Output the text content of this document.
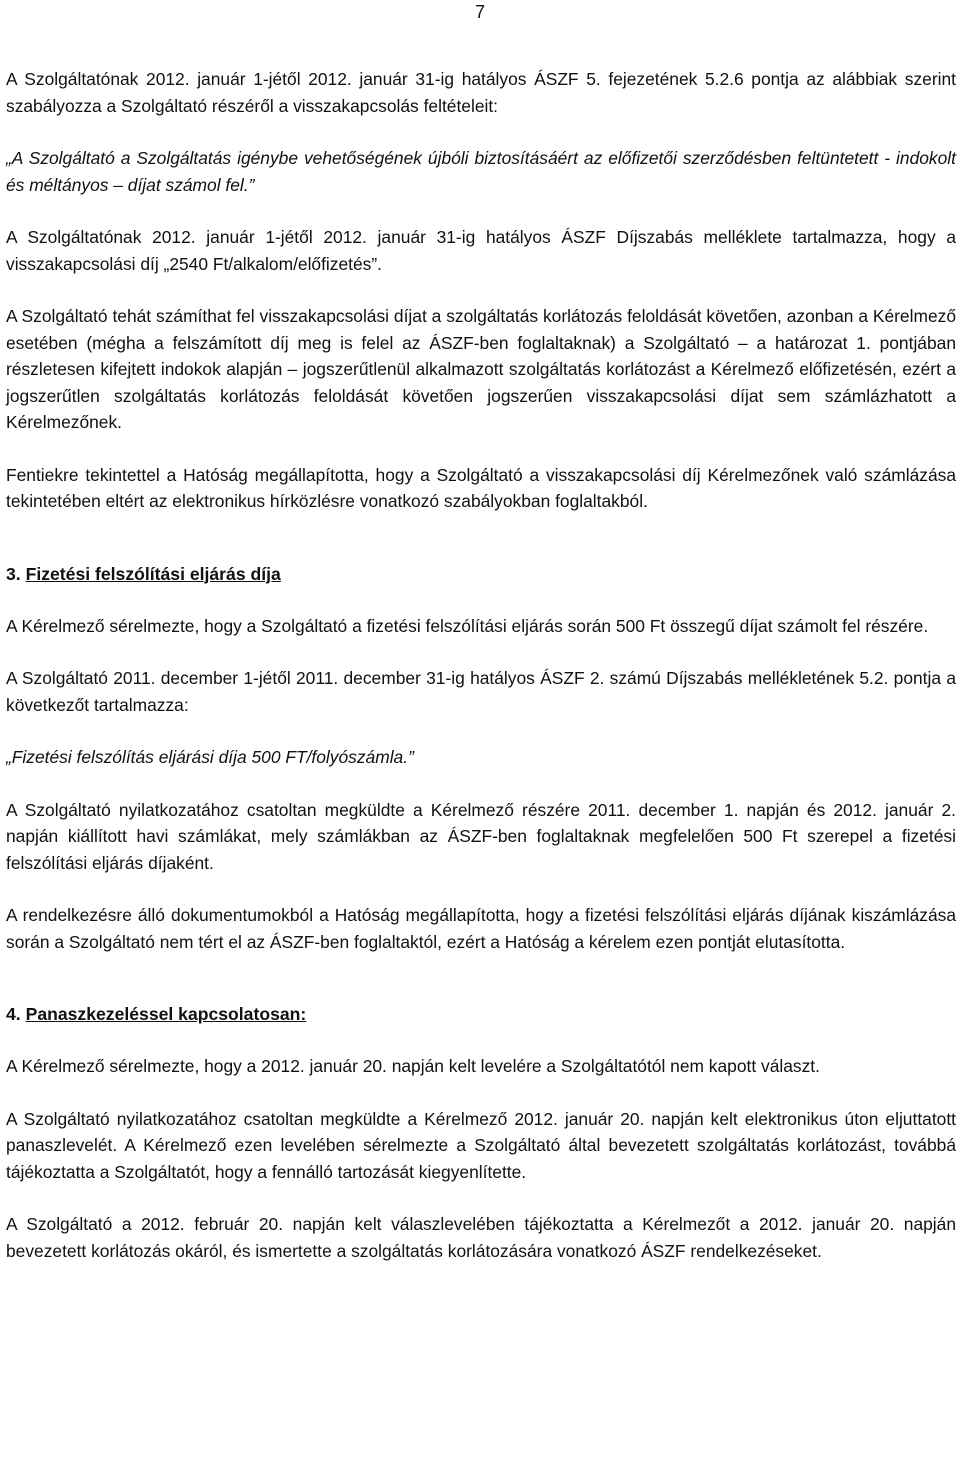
7

A Szolgáltatónak 2012. január 1-jétől 2012. január 31-ig hatályos ÁSZF 5. fejezetének 5.2.6 pontja az alábbiak szerint szabályozza a Szolgáltató részéről a visszakapcsolás feltételeit:

„A Szolgáltató a Szolgáltatás igénybe vehetőségének újbóli biztosításáért az előfizetői szerződésben feltüntetett - indokolt és méltányos – díjat számol fel.”

A Szolgáltatónak 2012. január 1-jétől 2012. január 31-ig hatályos ÁSZF Díjszabás melléklete tartalmazza, hogy a visszakapcsolási díj „2540 Ft/alkalom/előfizetés”.

A Szolgáltató tehát számíthat fel visszakapcsolási díjat a szolgáltatás korlátozás feloldását követően, azonban a Kérelmező esetében (mégha a felszámított díj meg is felel az ÁSZF-ben foglaltaknak) a Szolgáltató – a határozat 1. pontjában részletesen kifejtett indokok alapján – jogszerűtlenül alkalmazott szolgáltatás korlátozást a Kérelmező előfizetésén, ezért a jogszerűtlen szolgáltatás korlátozás feloldását követően jogszerűen visszakapcsolási díjat sem számlázhatott a Kérelmezőnek.

Fentiekre tekintettel a Hatóság megállapította, hogy a Szolgáltató a visszakapcsolási díj Kérelmezőnek való számlázása tekintetében eltért az elektronikus hírközlésre vonatkozó szabályokban foglaltakból.

3. Fizetési felszólítási eljárás díja

A Kérelmező sérelmezte, hogy a Szolgáltató a fizetési felszólítási eljárás során 500 Ft összegű díjat számolt fel részére.

A Szolgáltató 2011. december 1-jétől 2011. december 31-ig hatályos ÁSZF 2. számú Díjszabás mellékletének 5.2. pontja a következőt tartalmazza:

„Fizetési felszólítás eljárási díja 500 FT/folyószámla.”

A Szolgáltató nyilatkozatához csatoltan megküldte a Kérelmező részére 2011. december 1. napján és 2012. január 2. napján kiállított havi számlákat, mely számlákban az ÁSZF-ben foglaltaknak megfelelően 500 Ft szerepel a fizetési felszólítási eljárás díjaként.

A rendelkezésre álló dokumentumokból a Hatóság megállapította, hogy a fizetési felszólítási eljárás díjának kiszámlázása során a Szolgáltató nem tért el az ÁSZF-ben foglaltaktól, ezért a Hatóság a kérelem ezen pontját elutasította.

4. Panaszkezeléssel kapcsolatosan:

A Kérelmező sérelmezte, hogy a 2012. január 20. napján kelt levelére a Szolgáltatótól nem kapott választ.

A Szolgáltató nyilatkozatához csatoltan megküldte a Kérelmező 2012. január 20. napján kelt elektronikus úton eljuttatott panaszlevelét. A Kérelmező ezen levelében sérelmezte a Szolgáltató által bevezetett szolgáltatás korlátozást, továbbá tájékoztatta a Szolgáltatót, hogy a fennálló tartozását kiegyenlítette.

A Szolgáltató a 2012. február 20. napján kelt válaszlevelében tájékoztatta a Kérelmezőt a 2012. január 20. napján bevezetett korlátozás okáról, és ismertette a szolgáltatás korlátozására vonatkozó ÁSZF rendelkezéseket.
